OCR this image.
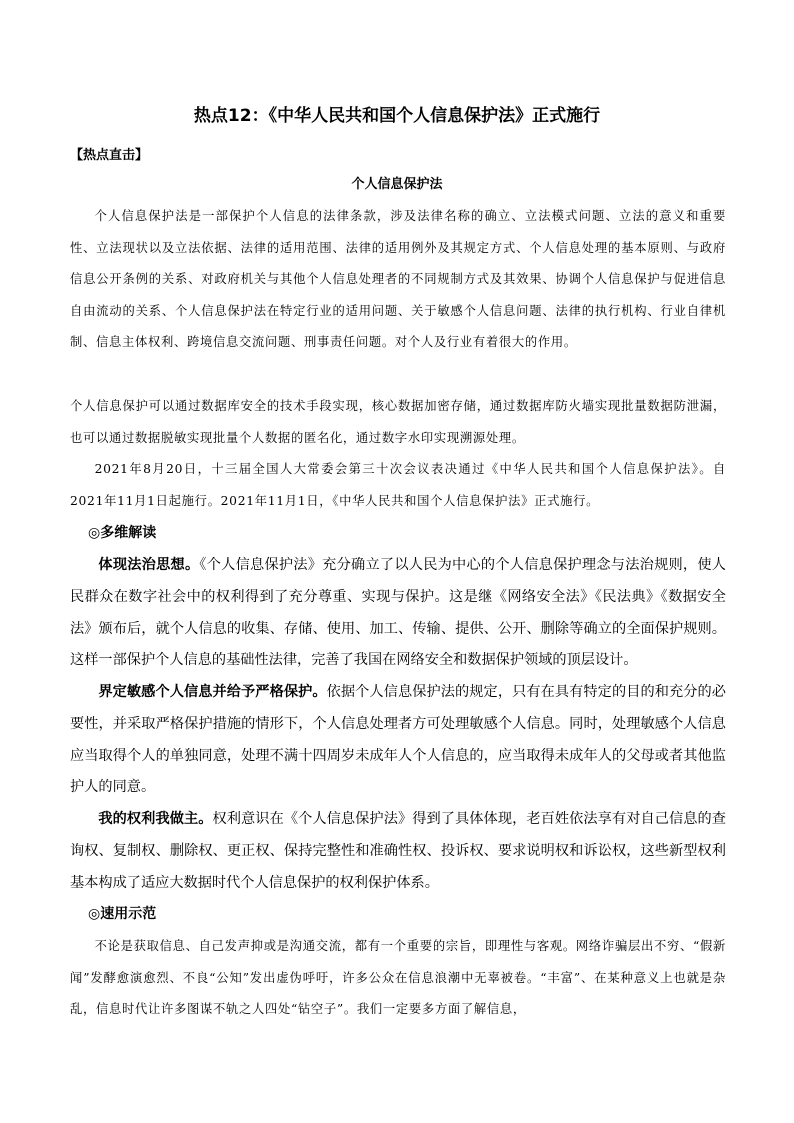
热点12：《中华人民共和国个人信息保护法》正式施行
【热点直击】
个人信息保护法

个人信息保护法是一部保护个人信息的法律条款，涉及法律名称的确立、立法模式问题、立法的意义和重要性、立法现状以及立法依据、法律的适用范围、法律的适用例外及其规定方式、个人信息处理的基本原则、与政府信息公开条例的关系、对政府机关与其他个人信息处理者的不同规制方式及其效果、协调个人信息保护与促进信息自由流动的关系、个人信息保护法在特定行业的适用问题、关于敏感个人信息问题、法律的执行机构、行业自律机制、信息主体权利、跨境信息交流问题、刑事责任问题。对个人及行业有着很大的作用。

个人信息保护可以通过数据库安全的技术手段实现，核心数据加密存储，通过数据库防火墙实现批量数据防泄漏，也可以通过数据脱敏实现批量个人数据的匿名化，通过数字水印实现溯源处理。

2021年8月20日，十三届全国人大常委会第三十次会议表决通过《中华人民共和国个人信息保护法》。自2021年11月1日起施行。2021年11月1日，《中华人民共和国个人信息保护法》正式施行。

◎多维解读

体现法治思想。《个人信息保护法》充分确立了以人民为中心的个人信息保护理念与法治规则，使人民群众在数字社会中的权利得到了充分尊重、实现与保护。这是继《网络安全法》《民法典》《数据安全法》颁布后，就个人信息的收集、存储、使用、加工、传输、提供、公开、删除等确立的全面保护规则。这样一部保护个人信息的基础性法律，完善了我国在网络安全和数据保护领域的顶层设计。

界定敏感个人信息并给予严格保护。依据个人信息保护法的规定，只有在具有特定的目的和充分的必要性，并采取严格保护措施的情形下，个人信息处理者方可处理敏感个人信息。同时，处理敏感个人信息应当取得个人的单独同意，处理不满十四周岁未成年人个人信息的，应当取得未成年人的父母或者其他监护人的同意。

我的权利我做主。权利意识在《个人信息保护法》得到了具体体现，老百姓依法享有对自己信息的查询权、复制权、删除权、更正权、保持完整性和准确性权、投诉权、要求说明权和诉讼权，这些新型权利基本构成了适应大数据时代个人信息保护的权利保护体系。

◎速用示范

不论是获取信息、自己发声抑或是沟通交流，都有一个重要的宗旨，即理性与客观。网络诈骗层出不穷、“假新闻”发酵愈演愈烈、不良“公知”发出虚伪呼吁，许多公众在信息浪潮中无辜被卷。“丰富”、在某种意义上也就是杂乱，信息时代让许多图谋不轨之人四处“钻空子”。我们一定要多方面了解信息，
